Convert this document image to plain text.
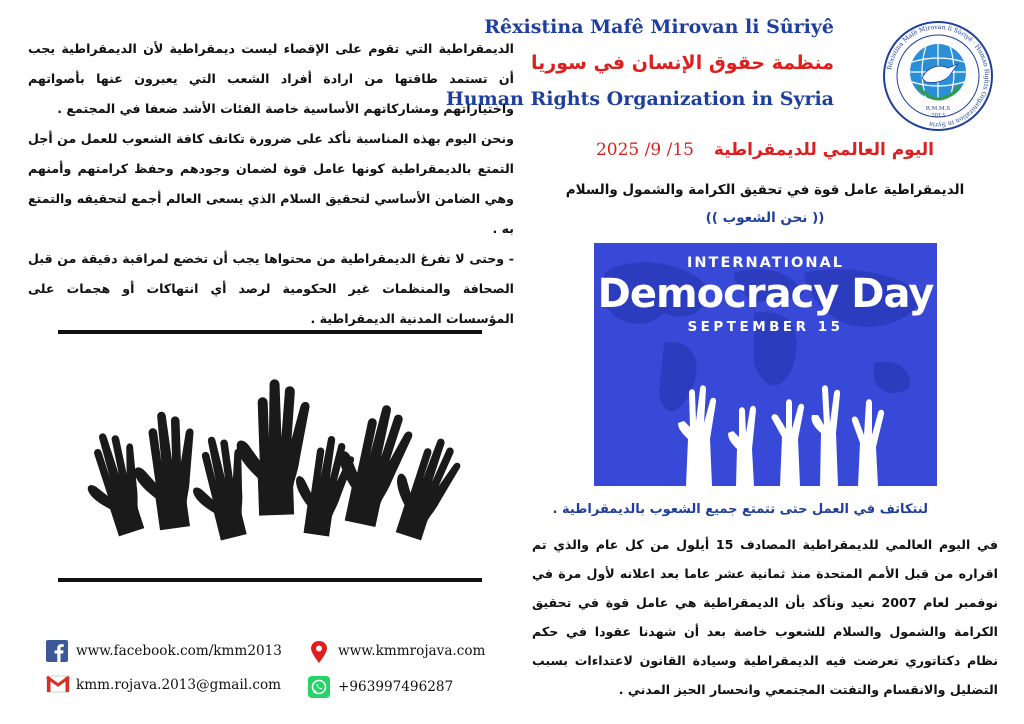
الديمقراطية التي تقوم على الإقصاء ليست ديمقراطية لأن الديمقراطية يجب أن تستمد طاقتها من ارادة أفراد الشعب التي يعبرون عنها بأصواتهم واختياراتهم ومشاركاتهم الأساسية خاصة الفئات الأشد ضعفا في المجتمع .

ونحن اليوم بهذه المناسبة نأكد على ضرورة تكاتف كافة الشعوب للعمل من أجل التمتع بالديمقراطية كونها عامل قوة لضمان وجودهم وحفظ كرامتهم وأمنهم وهي الضامن الأساسي لتحقيق السلام الذي يسعى العالم أجمع لتحقيقه والتمتع به .

- وحتى لا تفرغ الديمقراطية من محتواها يجب أن تخضع لمراقبة دقيقة من قبل الصحافة والمنظمات غير الحكومية لرصد أي انتهاكات أو هجمات على المؤسسات المدنية الديمقراطية .

www.facebook.com/kmm2013	www.kmmrojava.com
kmm.rojava.2013@gmail.com	+963997496287
Rêxistina Mafê Mirovan li Sûriyê · Human Rights Organization in Syria
R.M.M.S
2013
Rêxistina Mafê Mirovan li Sûriyê
منظمة حقوق الإنسان في سوريا
Human Rights Organization in Syria
اليوم العالمي للديمقراطية 2025 /9 /15
الديمقراطية عامل قوة في تحقيق الكرامة والشمول والسلام
(( نحن الشعوب ))
INTERNATIONAL
Democracy Day
SEPTEMBER 15
لنتكاتف في العمل حتى تتمتع جميع الشعوب بالديمقراطية .
في اليوم العالمي للديمقراطية المصادف 15 أيلول من كل عام والذي تم اقراره من قبل الأمم المتحدة منذ ثمانية عشر عاما بعد اعلانه لأول مرة في نوفمبر لعام 2007 نعيد ونأكد بأن الديمقراطية هي عامل قوة في تحقيق الكرامة والشمول والسلام للشعوب خاصة بعد أن شهدنا عقودا في حكم نظام دكتاتوري تعرضت فيه الديمقراطية وسيادة القانون لاعتداءات بسبب التضليل والانقسام والتفتت المجتمعي وانحسار الحيز المدني .
